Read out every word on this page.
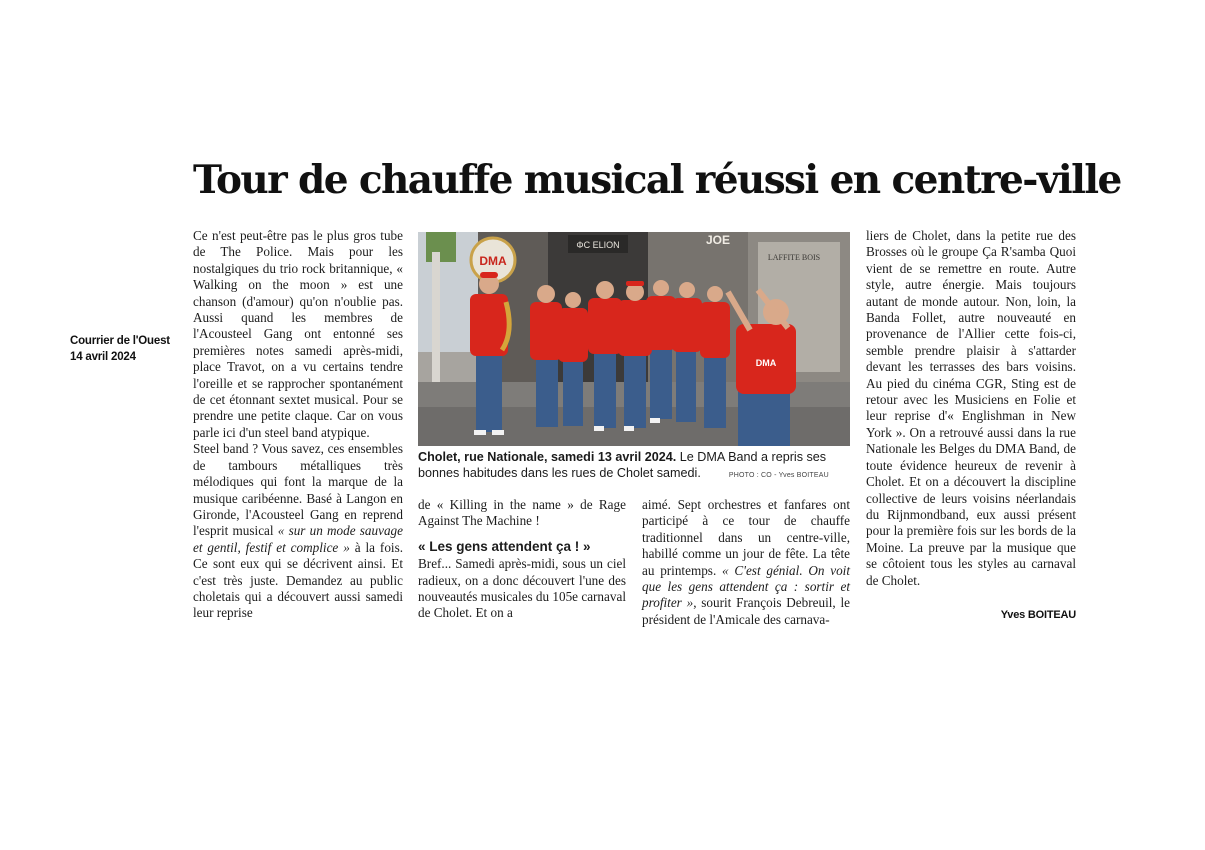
Courrier de l'Ouest
14 avril 2024
Tour de chauffe musical réussi en centre-ville

Ce n'est peut-être pas le plus gros tube de The Police. Mais pour les nostalgiques du trio rock britannique, « Walking on the moon » est une chanson (d'amour) qu'on n'oublie pas. Aussi quand les membres de l'Acousteel Gang ont entonné ses premières notes samedi après-midi, place Travot, on a vu certains tendre l'oreille et se rapprocher spontanément de cet étonnant sextet musical. Pour se prendre une petite claque. Car on vous parle ici d'un steel band atypique.

Steel band ? Vous savez, ces ensembles de tambours métalliques très mélodiques qui font la marque de la musique caribéenne. Basé à Langon en Gironde, l'Acousteel Gang en reprend l'esprit musical « sur un mode sauvage et gentil, festif et complice » à la fois. Ce sont eux qui se décrivent ainsi. Et c'est très juste. Demandez au public choletais qui a découvert aussi samedi leur reprise

ΦC ΕLΙΟΝ	JOE
LAFFITE BOIS
DMA
DMA
Cholet, rue Nationale, samedi 13 avril 2024. Le DMA Band a repris ses bonnes habitudes dans les rues de Cholet samedi.	PHOTO : CO - Yves BOITEAU

de « Killing in the name » de Rage Against The Machine !

« Les gens attendent ça ! »

Bref... Samedi après-midi, sous un ciel radieux, on a donc découvert l'une des nouveautés musicales du 105e carnaval de Cholet. Et on a

aimé. Sept orchestres et fanfares ont participé à ce tour de chauffe traditionnel dans un centre-ville, habillé comme un jour de fête. La tête au printemps. « C'est génial. On voit que les gens attendent ça : sortir et profiter », sourit François Debreuil, le président de l'Amicale des carnava-

liers de Cholet, dans la petite rue des Brosses où le groupe Ça R'samba Quoi vient de se remettre en route. Autre style, autre énergie. Mais toujours autant de monde autour. Non, loin, la Banda Follet, autre nouveauté en provenance de l'Allier cette fois-ci, semble prendre plaisir à s'attarder devant les terrasses des bars voisins. Au pied du cinéma CGR, Sting est de retour avec les Musiciens en Folie et leur reprise d'« Englishman in New York ». On a retrouvé aussi dans la rue Nationale les Belges du DMA Band, de toute évidence heureux de revenir à Cholet. Et on a découvert la discipline collective de leurs voisins néerlandais du Rijnmondband, eux aussi présent pour la première fois sur les bords de la Moine. La preuve par la musique que se côtoient tous les styles au carnaval de Cholet.

Yves BOITEAU
